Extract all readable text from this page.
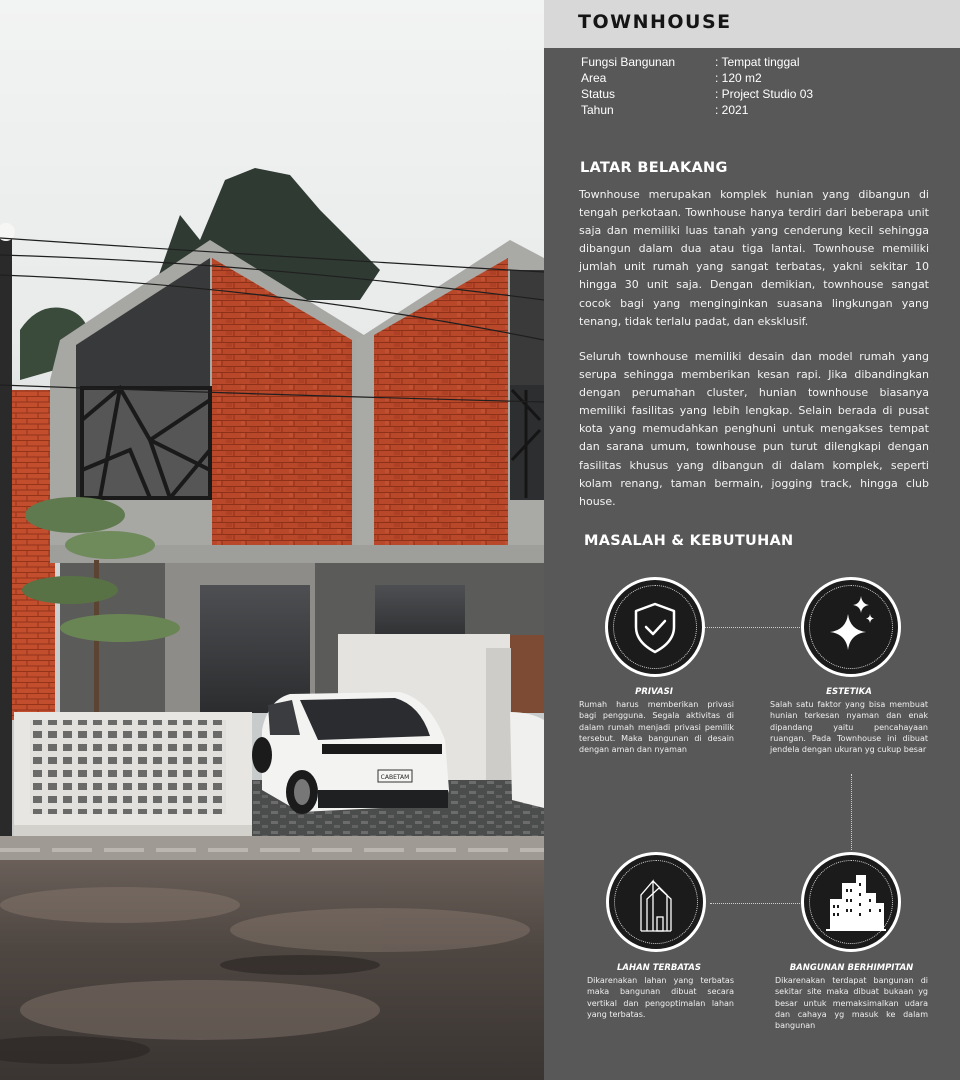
CABETAM
TOWNHOUSE
Fungsi Bangunan	: Tempat tinggal
Area	: 120 m2
Status	: Project Studio 03
Tahun	: 2021
LATAR BELAKANG

Townhouse merupakan komplek hunian yang dibangun di tengah perkotaan. Townhouse hanya terdiri dari beberapa unit saja dan memiliki luas tanah yang cenderung kecil sehingga dibangun dalam dua atau tiga lantai. Townhouse memiliki jumlah unit rumah yang sangat terbatas, yakni sekitar 10 hingga 30 unit saja. Dengan demikian, townhouse sangat cocok bagi yang menginginkan suasana lingkungan yang tenang, tidak terlalu padat, dan eksklusif.

Seluruh townhouse memiliki desain dan model rumah yang serupa sehingga memberikan kesan rapi. Jika dibandingkan dengan perumahan cluster, hunian townhouse biasanya memiliki fasilitas yang lebih lengkap. Selain berada di pusat kota yang memudahkan penghuni untuk mengakses tempat dan sarana umum, townhouse pun turut dilengkapi dengan fasilitas khusus yang dibangun di dalam komplek, seperti kolam renang, taman bermain, jogging track, hingga club house.

MASALAH & KEBUTUHAN
PRIVASI

Rumah harus memberikan privasi bagi pengguna. Segala aktivitas di dalam rumah menjadi privasi pemilik tersebut. Maka bangunan di desain dengan aman dan nyaman

ESTETIKA

Salah satu faktor yang bisa membuat hunian terkesan nyaman dan enak dipandang yaitu pencahayaan ruangan. Pada Townhouse ini dibuat jendela dengan ukuran yg cukup besar

LAHAN TERBATAS

Dikarenakan lahan yang terbatas maka bangunan dibuat secara vertikal dan pengoptimalan lahan yang terbatas.

BANGUNAN BERHIMPITAN

Dikarenakan terdapat bangunan di sekitar site maka dibuat bukaan yg besar untuk memaksimalkan udara dan cahaya yg masuk ke dalam bangunan
